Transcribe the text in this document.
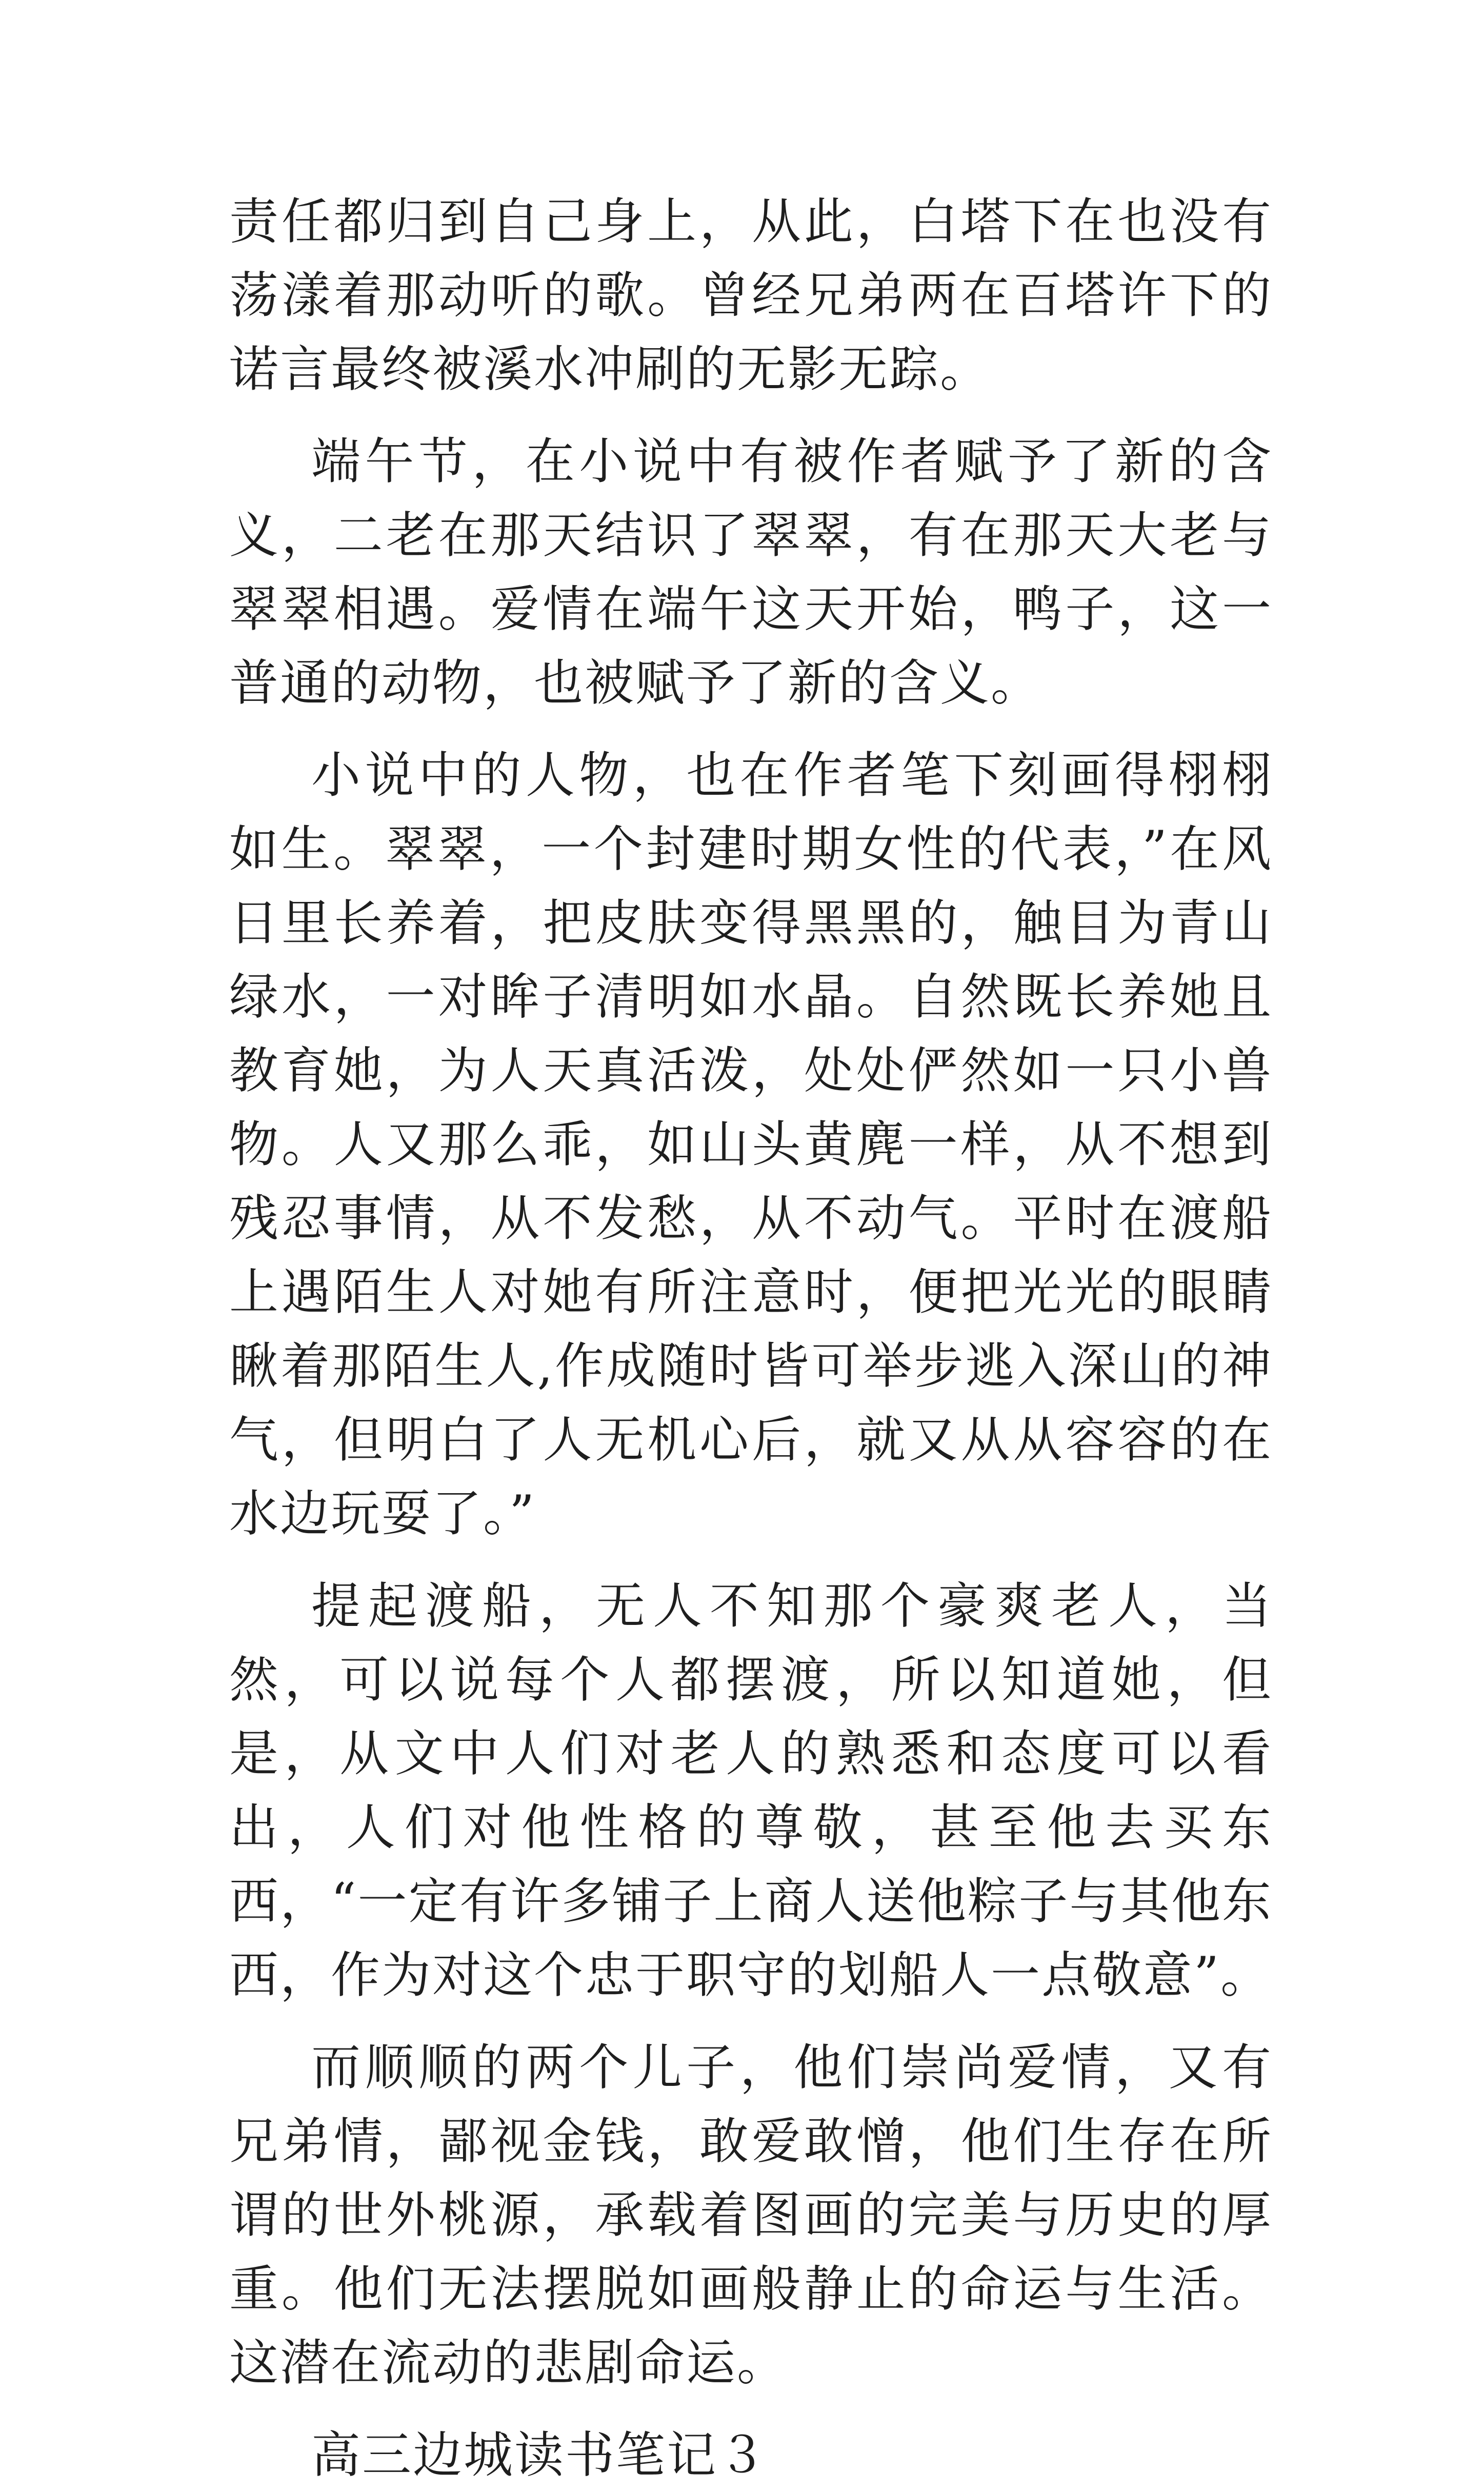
责任都归到自己身上，从此，白塔下在也没有荡漾着那动听的歌。曾经兄弟两在百塔许下的诺言最终被溪水冲刷的无影无踪。

端午节，在小说中有被作者赋予了新的含义，二老在那天结识了翠翠，有在那天大老与翠翠相遇。爱情在端午这天开始，鸭子，这一普通的动物，也被赋予了新的含义。

小说中的人物，也在作者笔下刻画得栩栩如生。翠翠，一个封建时期女性的代表，”在风日里长养着，把皮肤变得黑黑的，触目为青山绿水，一对眸子清明如水晶。自然既长养她且教育她，为人天真活泼，处处俨然如一只小兽物。人又那么乖，如山头黄麂一样，从不想到残忍事情，从不发愁，从不动气。平时在渡船上遇陌生人对她有所注意时，便把光光的眼睛瞅着那陌生人,作成随时皆可举步逃入深山的神气，但明白了人无机心后，就又从从容容的在水边玩耍了。”

提起渡船，无人不知那个豪爽老人，当然，可以说每个人都摆渡，所以知道她，但是，从文中人们对老人的熟悉和态度可以看出，人们对他性格的尊敬，甚至他去买东西，“一定有许多铺子上商人送他粽子与其他东西，作为对这个忠于职守的划船人一点敬意”。

而顺顺的两个儿子，他们崇尚爱情，又有兄弟情，鄙视金钱，敢爱敢憎，他们生存在所谓的世外桃源，承载着图画的完美与历史的厚重。他们无法摆脱如画般静止的命运与生活。这潜在流动的悲剧命运。

高三边城读书笔记３
